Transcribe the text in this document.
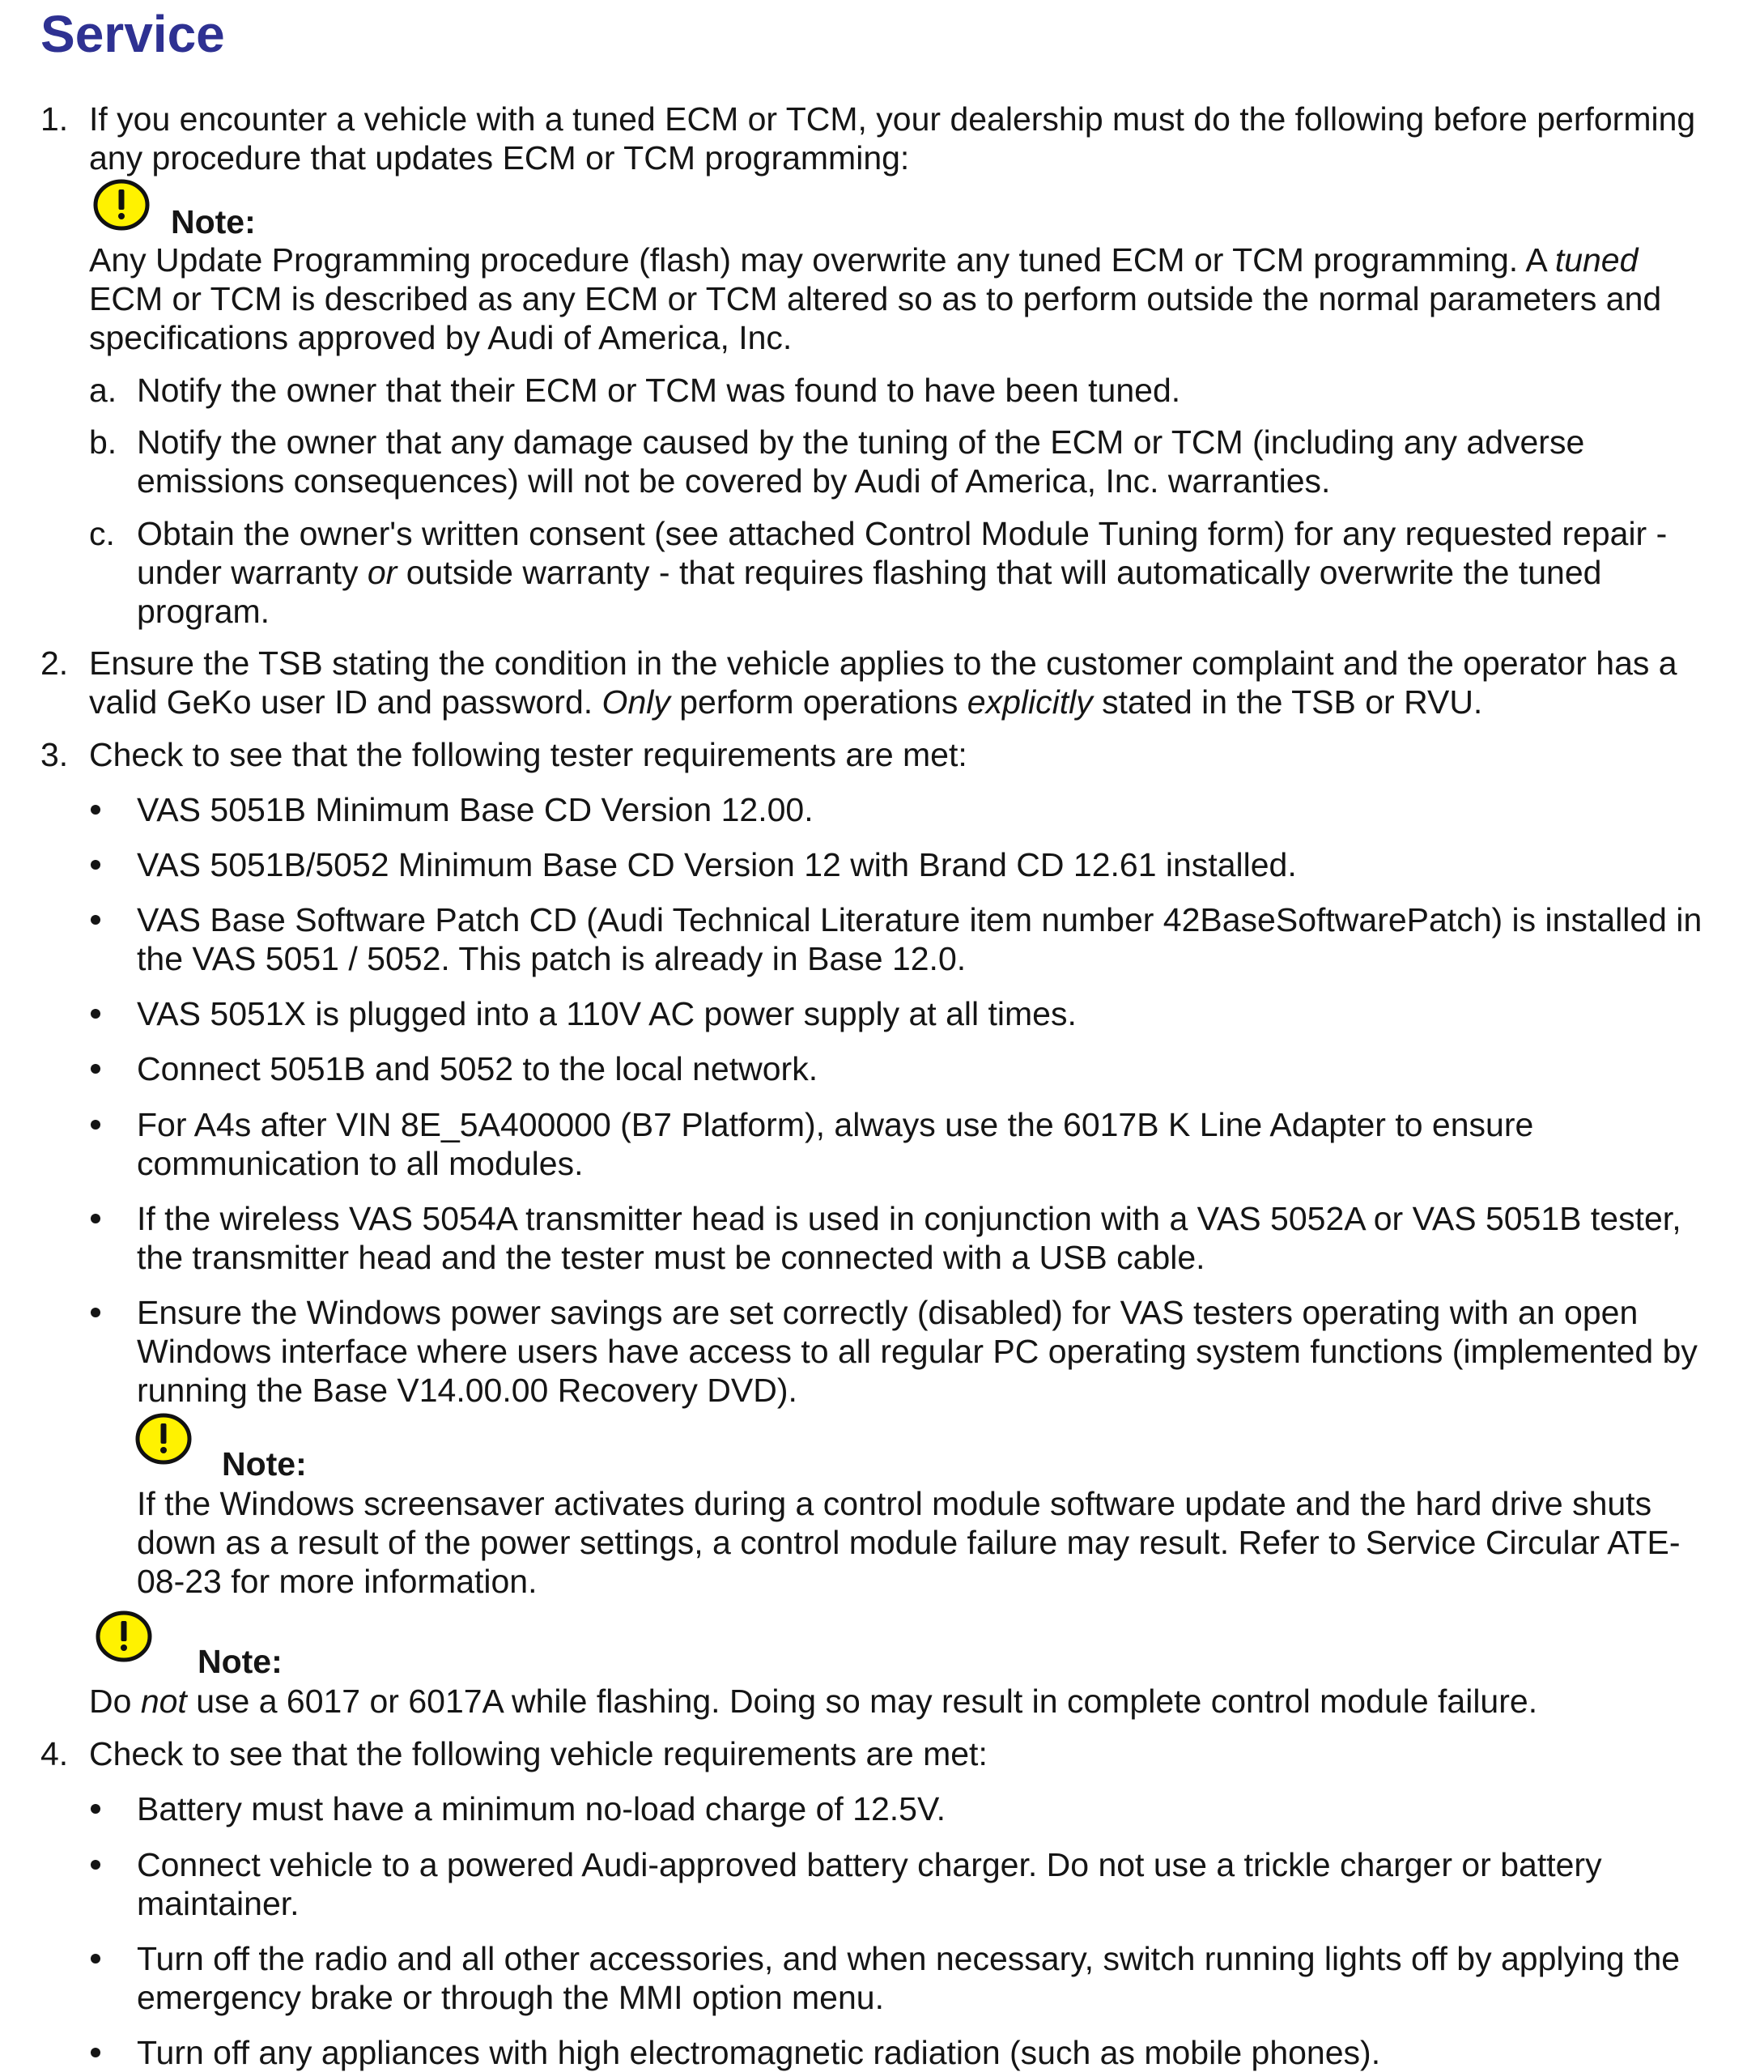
Service
1. If you encounter a vehicle with a tuned ECM or TCM, your dealership must do the following before performing

any procedure that updates ECM or TCM programming:

Note:

Any Update Programming procedure (flash) may overwrite any tuned ECM or TCM programming. A tuned

ECM or TCM is described as any ECM or TCM altered so as to perform outside the normal parameters and

specifications approved by Audi of America, Inc.

a. Notify the owner that their ECM or TCM was found to have been tuned.

b. Notify the owner that any damage caused by the tuning of the ECM or TCM (including any adverse

emissions consequences) will not be covered by Audi of America, Inc. warranties.

c. Obtain the owner's written consent (see attached Control Module Tuning form) for any requested repair -

under warranty or outside warranty - that requires flashing that will automatically overwrite the tuned

program.

2. Ensure the TSB stating the condition in the vehicle applies to the customer complaint and the operator has a

valid GeKo user ID and password. Only perform operations explicitly stated in the TSB or RVU.

3. Check to see that the following tester requirements are met:

VAS 5051B Minimum Base CD Version 12.00.

VAS 5051B/5052 Minimum Base CD Version 12 with Brand CD 12.61 installed.

VAS Base Software Patch CD (Audi Technical Literature item number 42BaseSoftwarePatch) is installed in

the VAS 5051 / 5052. This patch is already in Base 12.0.

VAS 5051X is plugged into a 110V AC power supply at all times.

Connect 5051B and 5052 to the local network.

For A4s after VIN 8E_5A400000 (B7 Platform), always use the 6017B K Line Adapter to ensure

communication to all modules.

If the wireless VAS 5054A transmitter head is used in conjunction with a VAS 5052A or VAS 5051B tester,

the transmitter head and the tester must be connected with a USB cable.

Ensure the Windows power savings are set correctly (disabled) for VAS testers operating with an open

Windows interface where users have access to all regular PC operating system functions (implemented by

running the Base V14.00.00 Recovery DVD).

Note:

If the Windows screensaver activates during a control module software update and the hard drive shuts

down as a result of the power settings, a control module failure may result. Refer to Service Circular ATE-

08-23 for more information.

Note:

Do not use a 6017 or 6017A while flashing. Doing so may result in complete control module failure.

4. Check to see that the following vehicle requirements are met:

Battery must have a minimum no-load charge of 12.5V.

Connect vehicle to a powered Audi-approved battery charger. Do not use a trickle charger or battery

maintainer.

Turn off the radio and all other accessories, and when necessary, switch running lights off by applying the

emergency brake or through the MMI option menu.

Turn off any appliances with high electromagnetic radiation (such as mobile phones).
